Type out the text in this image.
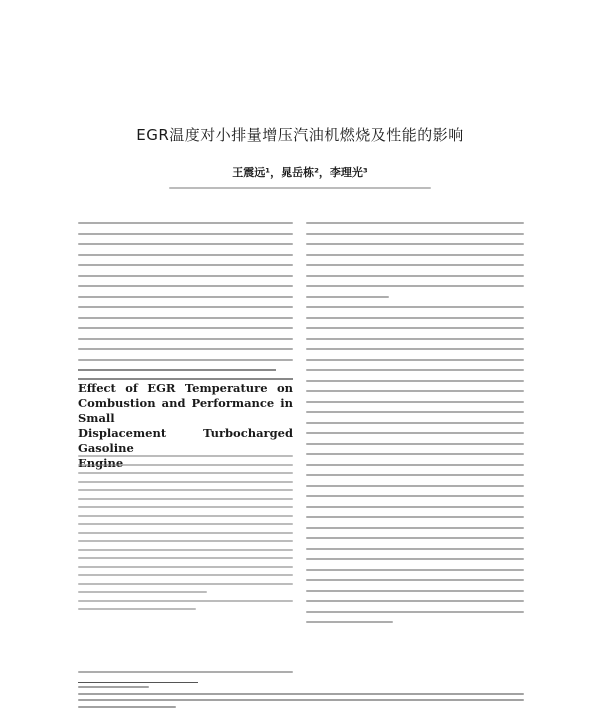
EGR温度对小排量增压汽油机燃烧及性能的影响
王震远¹，晁岳栋²，李理光³
Effect of EGR Temperature on
Combustion and Performance in Small
Displacement Turbocharged Gasoline
